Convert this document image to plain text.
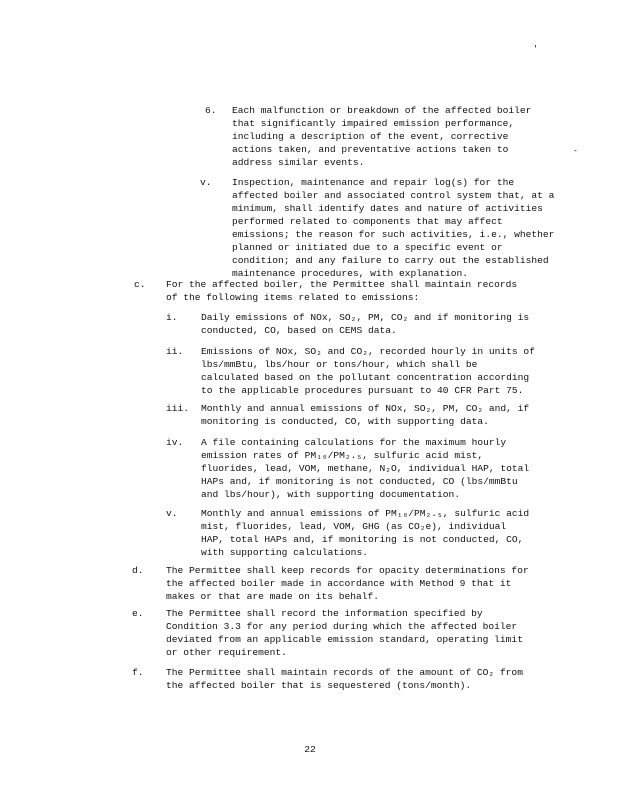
'
-
6. Each malfunction or breakdown of the affected boiler
that significantly impaired emission performance,
including a description of the event, corrective
actions taken, and preventative actions taken to
address similar events.
v. Inspection, maintenance and repair log(s) for the
affected boiler and associated control system that, at a
minimum, shall identify dates and nature of activities
performed related to components that may affect
emissions; the reason for such activities, i.e., whether
planned or initiated due to a specific event or
condition; and any failure to carry out the established
maintenance procedures, with explanation.
c. For the affected boiler, the Permittee shall maintain records
of the following items related to emissions:
i. Daily emissions of NOx, SO₂, PM, CO₂ and if monitoring is
conducted, CO, based on CEMS data.
ii. Emissions of NOx, SO₂ and CO₂, recorded hourly in units of
lbs/mmBtu, lbs/hour or tons/hour, which shall be
calculated based on the pollutant concentration according
to the applicable procedures pursuant to 40 CFR Part 75.
iii. Monthly and annual emissions of NOx, SO₂, PM, CO₂ and, if
monitoring is conducted, CO, with supporting data.
iv. A file containing calculations for the maximum hourly
emission rates of PM₁₀/PM₂.₅, sulfuric acid mist,
fluorides, lead, VOM, methane, N₂O, individual HAP, total
HAPs and, if monitoring is not conducted, CO (lbs/mmBtu
and lbs/hour), with supporting documentation.
v. Monthly and annual emissions of PM₁₀/PM₂.₅, sulfuric acid
mist, fluorides, lead, VOM, GHG (as CO₂e), individual
HAP, total HAPs and, if monitoring is not conducted, CO,
with supporting calculations.
d. The Permittee shall keep records for opacity determinations for
the affected boiler made in accordance with Method 9 that it
makes or that are made on its behalf.
e. The Permittee shall record the information specified by
Condition 3.3 for any period during which the affected boiler
deviated from an applicable emission standard, operating limit
or other requirement.
f. The Permittee shall maintain records of the amount of CO₂ from
the affected boiler that is sequestered (tons/month).
22
